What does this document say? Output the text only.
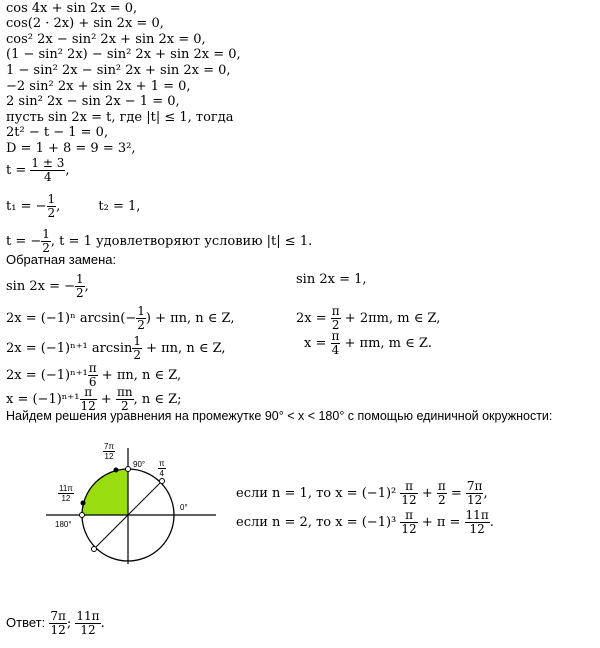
cos 4x + sin 2x = 0,
cos(2 · 2x) + sin 2x = 0,
cos² 2x − sin² 2x + sin 2x = 0,
(1 − sin² 2x) − sin² 2x + sin 2x = 0,
1 − sin² 2x − sin² 2x + sin 2x = 0,
−2 sin² 2x + sin 2x + 1 = 0,
2 sin² 2x − sin 2x − 1 = 0,
пусть sin 2x = t, где |t| ≤ 1, тогда
2t² − t − 1 = 0,
D = 1 + 8 = 9 = 3²,
$t = \frac{1 \pm 3}{4}$ ,
t₁ = − $\frac{1}{2}$ ,	t₂ = 1,
t = − $\frac{1}{2}$ , t = 1 удовлетворяют условию |t| ≤ 1.
Обратная замена:
sin 2x = − $\frac{1}{2}$ ,
2x = (−1)ⁿ $\arcsin(- \frac{1}{2}$ ) + πn, n ∈ Z,
2x = (−1)ⁿ⁺¹ $\arcsin \frac{1}{2} + \pi n$, n ∈ Z,
$2x = (-1)^{n+1} \frac{\pi}{6} + \pi n$, n ∈ Z,
$x = (-1)^{n+1} \frac{\pi}{12} + \frac{\pi n}{2}$ , n ∈ Z;
sin 2x = 1,
$2x = \frac{\pi}{2} + 2\pi m$, m ∈ Z,
$x = \frac{\pi}{4} + \pi m$, m ∈ Z.
Найдем решения уравнения на промежутке 90° < x < 180° с помощью единичной окружности:
$\frac{7\pi}{12}$
$\frac{11\pi}{12}$
90°
0°
180°
$\frac{\pi}{4}$
если n = 1, то $x = (-1)^2 \frac{\pi}{12} + \frac{\pi}{2} = \frac{7\pi}{12}$ ,
если n = 2, то $x = (-1)^3 \frac{\pi}{12} + \pi = \frac{11\pi}{12}$ .
Ответ: $\frac{7\pi}{12}$ ; $\frac{11\pi}{12}$ .
